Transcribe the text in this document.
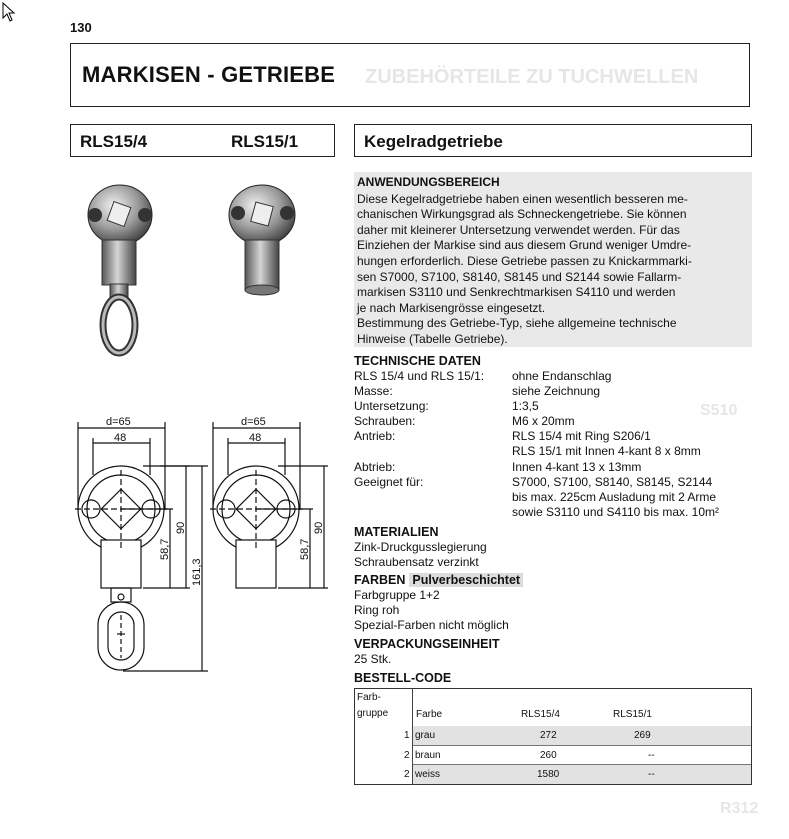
ZUBEHÖRTEILE ZU TUCHWELLEN
S510
R312
130
MARKISEN - GETRIEBE
RLS15/4	RLS15/1	Kegelradgetriebe
ANWENDUNGSBEREICH
Diese Kegelradgetriebe haben einen wesentlich besseren me-
chanischen Wirkungsgrad als Schneckengetriebe. Sie können
daher mit kleinerer Untersetzung verwendet werden. Für das
Einziehen der Markise sind aus diesem Grund weniger Umdre-
hungen erforderlich. Diese Getriebe passen zu Knickarmmarki-
sen S7000, S7100, S8140, S8145 und S2144 sowie Fallarm-
markisen S3110 und Senkrechtmarkisen S4110 und werden
je nach Markisengrösse eingesetzt.
Bestimmung des Getriebe-Typ, siehe allgemeine technische
Hinweise (Tabelle Getriebe).
TECHNISCHE DATEN
RLS 15/4 und RLS 15/1: ohne Endanschlag
Masse:	siehe Zeichnung
Untersetzung:	1:3,5
Schrauben:	M6 x 20mm
Antrieb:	RLS 15/4 mit Ring S206/1
RLS 15/1 mit Innen 4-kant 8 x 8mm
Abtrieb:	Innen 4-kant 13 x 13mm
Geeignet für:	S7000, S7100, S8140, S8145, S2144
bis max. 225cm Ausladung mit 2 Arme
sowie S3110 und S4110 bis max. 10m²
MATERIALIEN
Zink-Druckgusslegierung
Schraubensatz verzinkt
FARBEN Pulverbeschichtet
Farbgruppe 1+2
Ring roh
Spezial-Farben nicht möglich
VERPACKUNGSEINHEIT
25 Stk.
BESTELL-CODE
Farb-
gruppe	Farbe	RLS15/4	RLS15/1
1 grau	272	269
2 braun	260	--
2 weiss	1580	--
d=65
48
d=65
48
58,7
90
161,3
58,7
90
